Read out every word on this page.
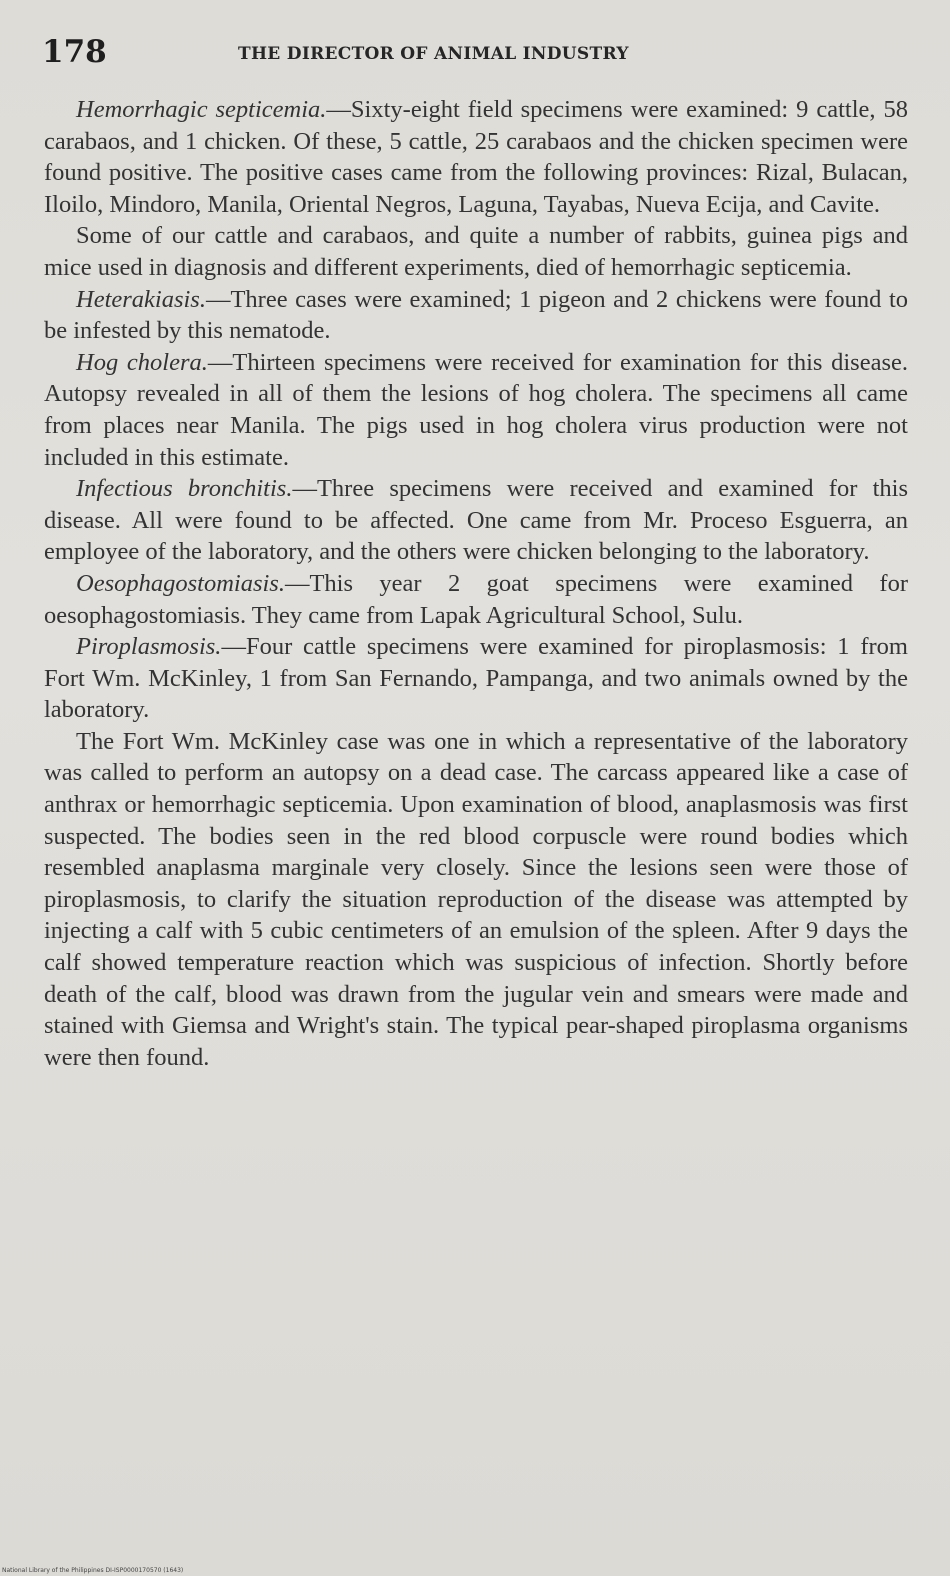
178	THE DIRECTOR OF ANIMAL INDUSTRY

Hemorrhagic septicemia.—Sixty-eight field specimens were examined: 9 cattle, 58 carabaos, and 1 chicken. Of these, 5 cattle, 25 carabaos and the chicken specimen were found positive. The positive cases came from the following provinces: Rizal, Bulacan, Iloilo, Mindoro, Manila, Oriental Negros, Laguna, Tayabas, Nueva Ecija, and Cavite.

Some of our cattle and carabaos, and quite a number of rabbits, guinea pigs and mice used in diagnosis and different experiments, died of hemorrhagic septicemia.

Heterakiasis.—Three cases were examined; 1 pigeon and 2 chickens were found to be infested by this nematode.

Hog cholera.—Thirteen specimens were received for examination for this disease. Autopsy revealed in all of them the lesions of hog cholera. The specimens all came from places near Manila. The pigs used in hog cholera virus production were not included in this estimate.

Infectious bronchitis.—Three specimens were received and examined for this disease. All were found to be affected. One came from Mr. Proceso Esguerra, an employee of the laboratory, and the others were chicken belonging to the laboratory.

Oesophagostomiasis.—This year 2 goat specimens were examined for oesophagostomiasis. They came from Lapak Agricultural School, Sulu.

Piroplasmosis.—Four cattle specimens were examined for piroplasmosis: 1 from Fort Wm. McKinley, 1 from San Fernando, Pampanga, and two animals owned by the laboratory.

The Fort Wm. McKinley case was one in which a representative of the laboratory was called to perform an autopsy on a dead case. The carcass appeared like a case of anthrax or hemorrhagic septicemia. Upon examination of blood, anaplasmosis was first suspected. The bodies seen in the red blood corpuscle were round bodies which resembled anaplasma marginale very closely. Since the lesions seen were those of piroplasmosis, to clarify the situation reproduction of the disease was attempted by injecting a calf with 5 cubic centimeters of an emulsion of the spleen. After 9 days the calf showed temperature reaction which was suspicious of infection. Shortly before death of the calf, blood was drawn from the jugular vein and smears were made and stained with Giemsa and Wright's stain. The typical pear-shaped piroplasma organisms were then found.

National Library of the Philippines DI-ISP0000170570 (1643)
